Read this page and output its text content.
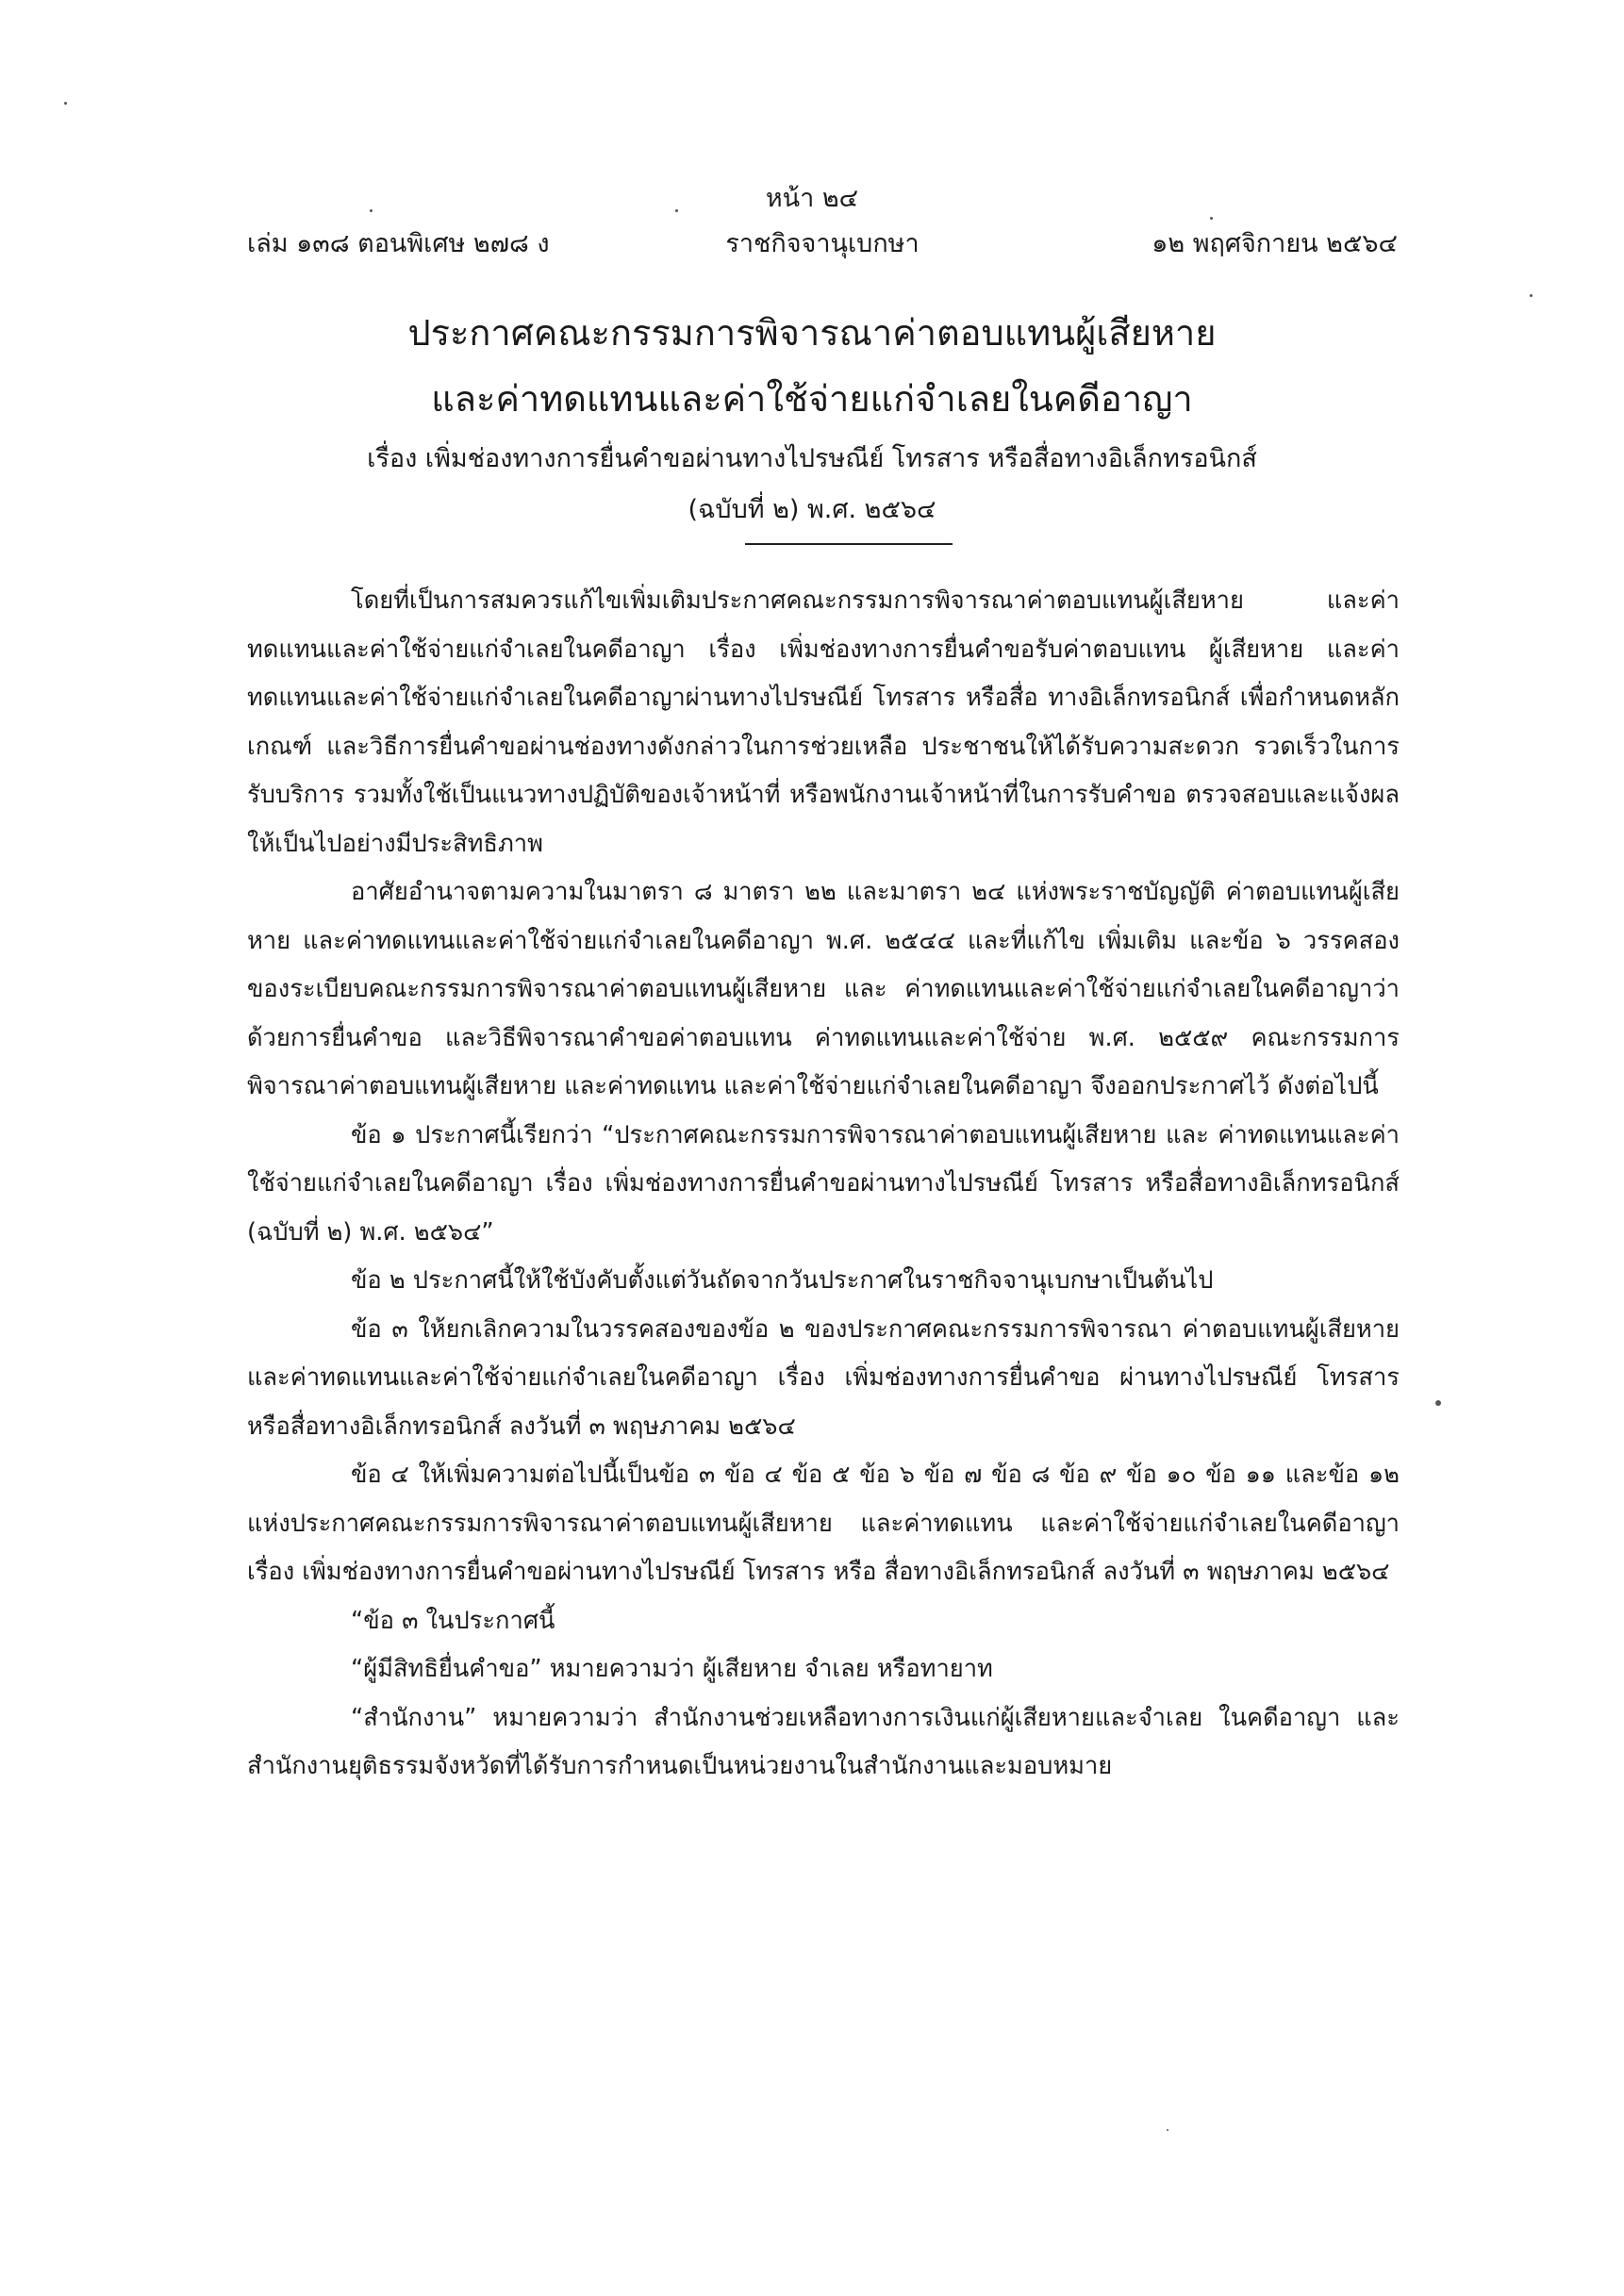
หน้า ๒๔
เล่ม ๑๓๘ ตอนพิเศษ ๒๗๘ ง	ราชกิจจานุเบกษา	๑๒ พฤศจิกายน ๒๕๖๔
ประกาศคณะกรรมการพิจารณาค่าตอบแทนผู้เสียหาย
และค่าทดแทนและค่าใช้จ่ายแก่จำเลยในคดีอาญา
เรื่อง เพิ่มช่องทางการยื่นคำขอผ่านทางไปรษณีย์ โทรสาร หรือสื่อทางอิเล็กทรอนิกส์
(ฉบับที่ ๒) พ.ศ. ๒๕๖๔

โดยที่เป็นการสมควรแก้ไขเพิ่มเติมประกาศคณะกรรมการพิจารณาค่าตอบแทนผู้เสียหาย และค่าทดแทนและค่าใช้จ่ายแก่จำเลยในคดีอาญา เรื่อง เพิ่มช่องทางการยื่นคำขอรับค่าตอบแทน ผู้เสียหาย และค่าทดแทนและค่าใช้จ่ายแก่จำเลยในคดีอาญาผ่านทางไปรษณีย์ โทรสาร หรือสื่อ ทางอิเล็กทรอนิกส์ เพื่อกำหนดหลักเกณฑ์ และวิธีการยื่นคำขอผ่านช่องทางดังกล่าวในการช่วยเหลือ ประชาชนให้ได้รับความสะดวก รวดเร็วในการรับบริการ รวมทั้งใช้เป็นแนวทางปฏิบัติของเจ้าหน้าที่ หรือพนักงานเจ้าหน้าที่ในการรับคำขอ ตรวจสอบและแจ้งผลให้เป็นไปอย่างมีประสิทธิภาพ

อาศัยอำนาจตามความในมาตรา ๘ มาตรา ๒๒ และมาตรา ๒๔ แห่งพระราชบัญญัติ ค่าตอบแทนผู้เสียหาย และค่าทดแทนและค่าใช้จ่ายแก่จำเลยในคดีอาญา พ.ศ. ๒๕๔๔ และที่แก้ไข เพิ่มเติม และข้อ ๖ วรรคสองของระเบียบคณะกรรมการพิจารณาค่าตอบแทนผู้เสียหาย และ ค่าทดแทนและค่าใช้จ่ายแก่จำเลยในคดีอาญาว่าด้วยการยื่นคำขอ และวิธีพิจารณาคำขอค่าตอบแทน ค่าทดแทนและค่าใช้จ่าย พ.ศ. ๒๕๕๙ คณะกรรมการพิจารณาค่าตอบแทนผู้เสียหาย และค่าทดแทน และค่าใช้จ่ายแก่จำเลยในคดีอาญา จึงออกประกาศไว้ ดังต่อไปนี้

ข้อ ๑ ประกาศนี้เรียกว่า “ประกาศคณะกรรมการพิจารณาค่าตอบแทนผู้เสียหาย และ ค่าทดแทนและค่าใช้จ่ายแก่จำเลยในคดีอาญา เรื่อง เพิ่มช่องทางการยื่นคำขอผ่านทางไปรษณีย์ โทรสาร หรือสื่อทางอิเล็กทรอนิกส์ (ฉบับที่ ๒) พ.ศ. ๒๕๖๔”

ข้อ ๒ ประกาศนี้ให้ใช้บังคับตั้งแต่วันถัดจากวันประกาศในราชกิจจานุเบกษาเป็นต้นไป

ข้อ ๓ ให้ยกเลิกความในวรรคสองของข้อ ๒ ของประกาศคณะกรรมการพิจารณา ค่าตอบแทนผู้เสียหาย และค่าทดแทนและค่าใช้จ่ายแก่จำเลยในคดีอาญา เรื่อง เพิ่มช่องทางการยื่นคำขอ ผ่านทางไปรษณีย์ โทรสาร หรือสื่อทางอิเล็กทรอนิกส์ ลงวันที่ ๓ พฤษภาคม ๒๕๖๔

ข้อ ๔ ให้เพิ่มความต่อไปนี้เป็นข้อ ๓ ข้อ ๔ ข้อ ๕ ข้อ ๖ ข้อ ๗ ข้อ ๘ ข้อ ๙ ข้อ ๑๐ ข้อ ๑๑ และข้อ ๑๒ แห่งประกาศคณะกรรมการพิจารณาค่าตอบแทนผู้เสียหาย และค่าทดแทน และค่าใช้จ่ายแก่จำเลยในคดีอาญา เรื่อง เพิ่มช่องทางการยื่นคำขอผ่านทางไปรษณีย์ โทรสาร หรือ สื่อทางอิเล็กทรอนิกส์ ลงวันที่ ๓ พฤษภาคม ๒๕๖๔

“ข้อ ๓ ในประกาศนี้

“ผู้มีสิทธิยื่นคำขอ” หมายความว่า ผู้เสียหาย จำเลย หรือทายาท

“สำนักงาน” หมายความว่า สำนักงานช่วยเหลือทางการเงินแก่ผู้เสียหายและจำเลย ในคดีอาญา และสำนักงานยุติธรรมจังหวัดที่ได้รับการกำหนดเป็นหน่วยงานในสำนักงานและมอบหมาย
